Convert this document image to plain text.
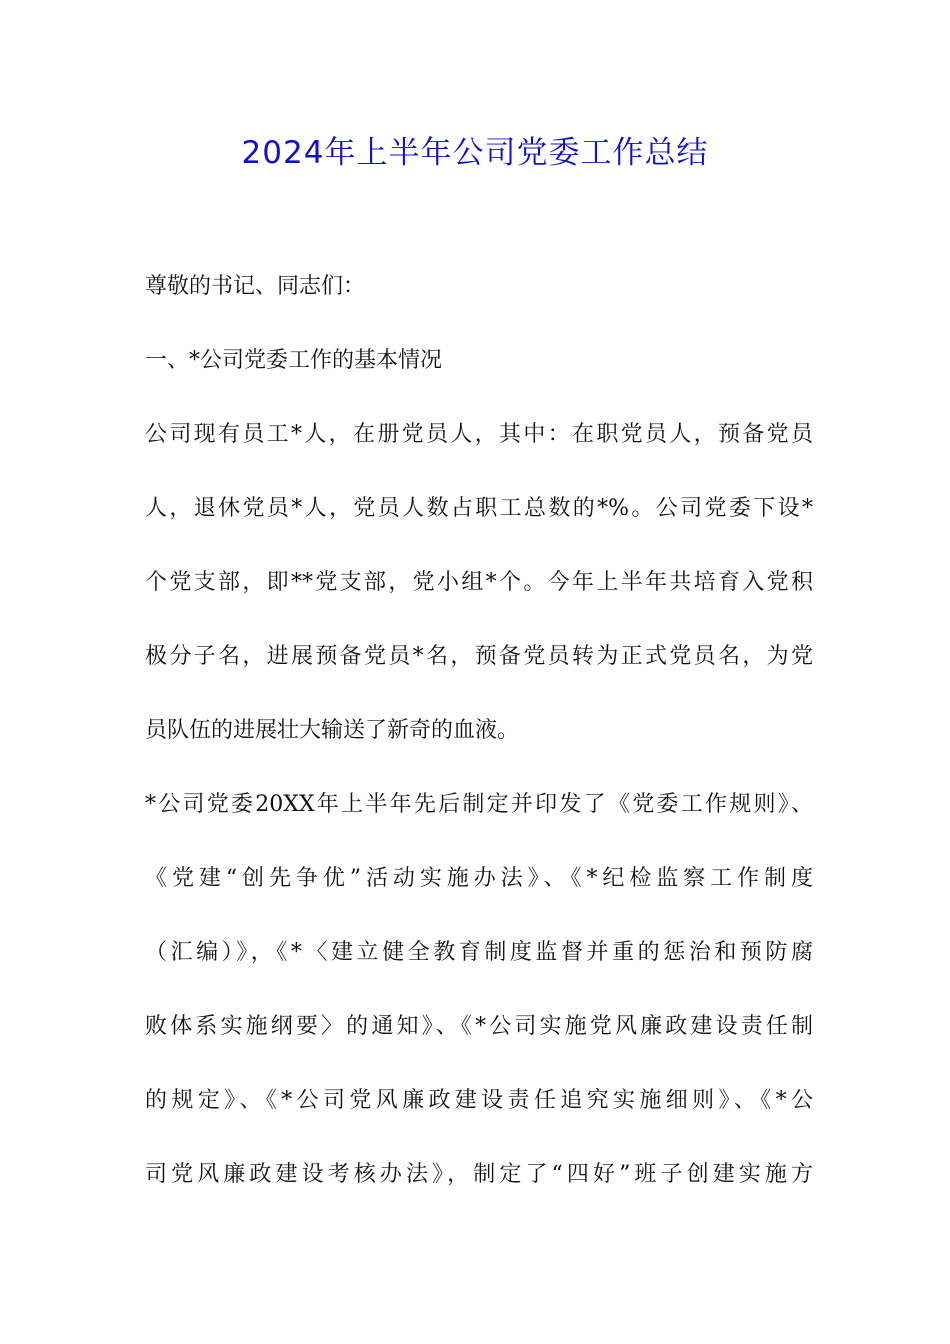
2024年上半年公司党委工作总结
尊敬的书记、同志们：
一、*公司党委工作的基本情况
公司现有员工*人，在册党员人，其中：在职党员人，预备党员
人，退休党员*人，党员人数占职工总数的*%。公司党委下设*
个党支部，即**党支部，党小组*个。今年上半年共培育入党积
极分子名，进展预备党员*名，预备党员转为正式党员名，为党
员队伍的进展壮大输送了新奇的血液。
*公司党委20XX年上半年先后制定并印发了《党委工作规则》、
《党建“创先争优”活动实施办法》、《*纪检监察工作制度
（汇编）》，《*〈建立健全教育制度监督并重的惩治和预防腐
败体系实施纲要〉的通知》、《*公司实施党风廉政建设责任制
的规定》、《*公司党风廉政建设责任追究实施细则》、《*公
司党风廉政建设考核办法》，制定了“四好”班子创建实施方
